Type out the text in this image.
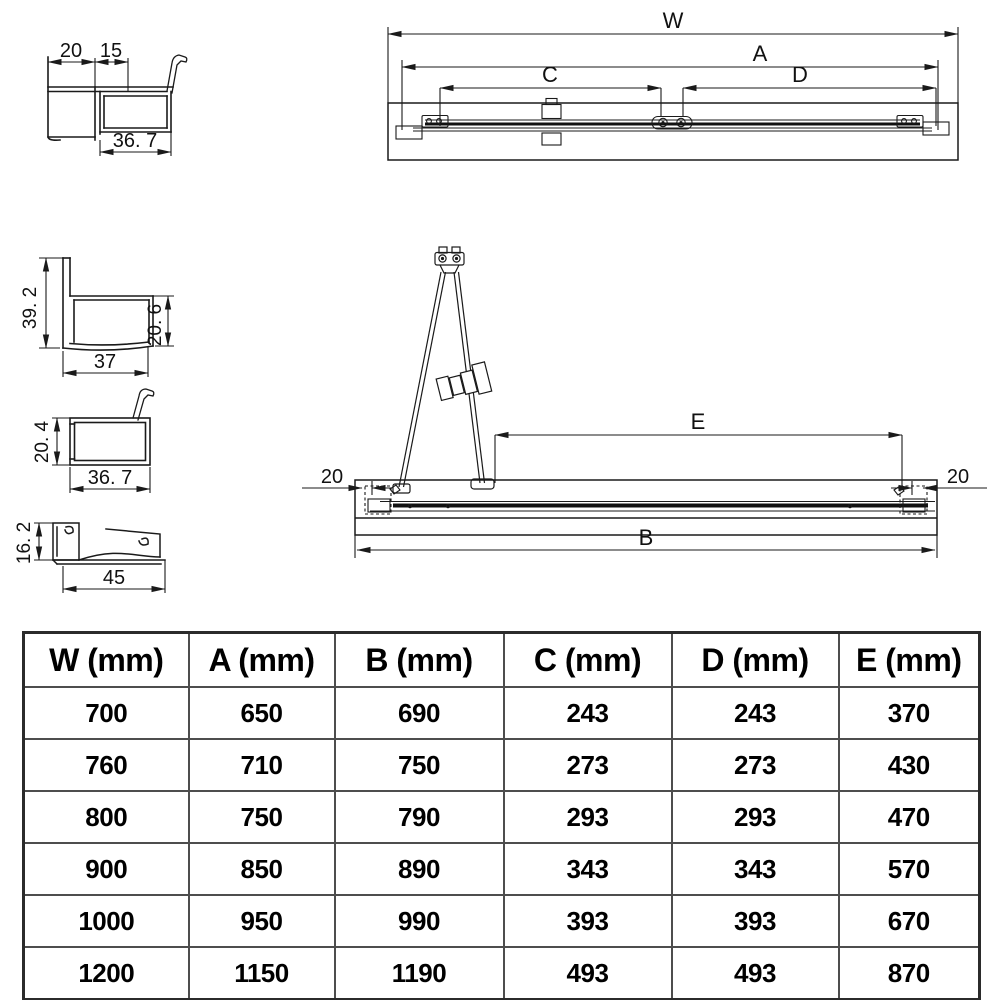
20 15
36. 7
W
A
C	D
39. 2	20. 6
37
20. 4
36. 7
16. 2
45
20	20
E
B
W (mm)	A (mm)	B (mm)	C (mm)	D (mm)	E (mm)
700	650	690	243	243	370
760	710	750	273	273	430
800	750	790	293	293	470
900	850	890	343	343	570
1000	950	990	393	393	670
1200	1150	1190	493	493	870
